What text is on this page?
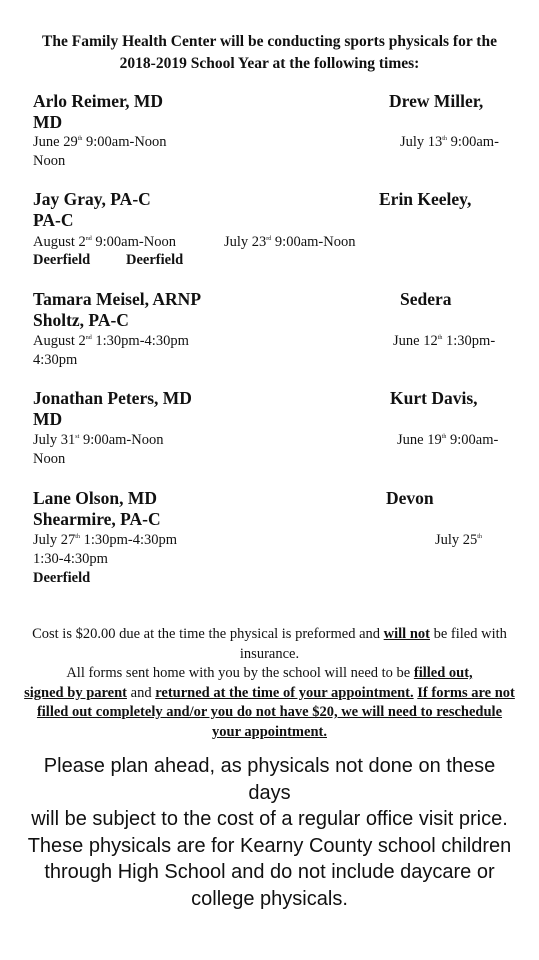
The Family Health Center will be conducting sports physicals for the
2018-2019 School Year at the following times:
Arlo Reimer, MD	Drew Miller,
MD
June 29th 9:00am-Noon	July 13th 9:00am-
Noon
Jay Gray, PA-C	Erin Keeley,
PA-C
August 2nd 9:00am-Noon	July 23rd 9:00am-Noon
Deerfield Deerfield
Tamara Meisel, ARNP	Sedera
Sholtz, PA-C
August 2nd 1:30pm-4:30pm	June 12th 1:30pm-
4:30pm
Jonathan Peters, MD	Kurt Davis,
MD
July 31st 9:00am-Noon	June 19th 9:00am-
Noon
Lane Olson, MD	Devon
Shearmire, PA-C
July 27th 1:30pm-4:30pm	July 25th
1:30-4:30pm
Deerfield
Cost is $20.00 due at the time the physical is preformed and will not be filed with insurance.
All forms sent home with you by the school will need to be filled out,
signed by parent and returned at the time of your appointment. If forms are not filled out completely and/or you do not have $20, we will need to reschedule your appointment.
Please plan ahead, as physicals not done on these days
will be subject to the cost of a regular office visit price.
These physicals are for Kearny County school children
through High School and do not include daycare or
college physicals.
